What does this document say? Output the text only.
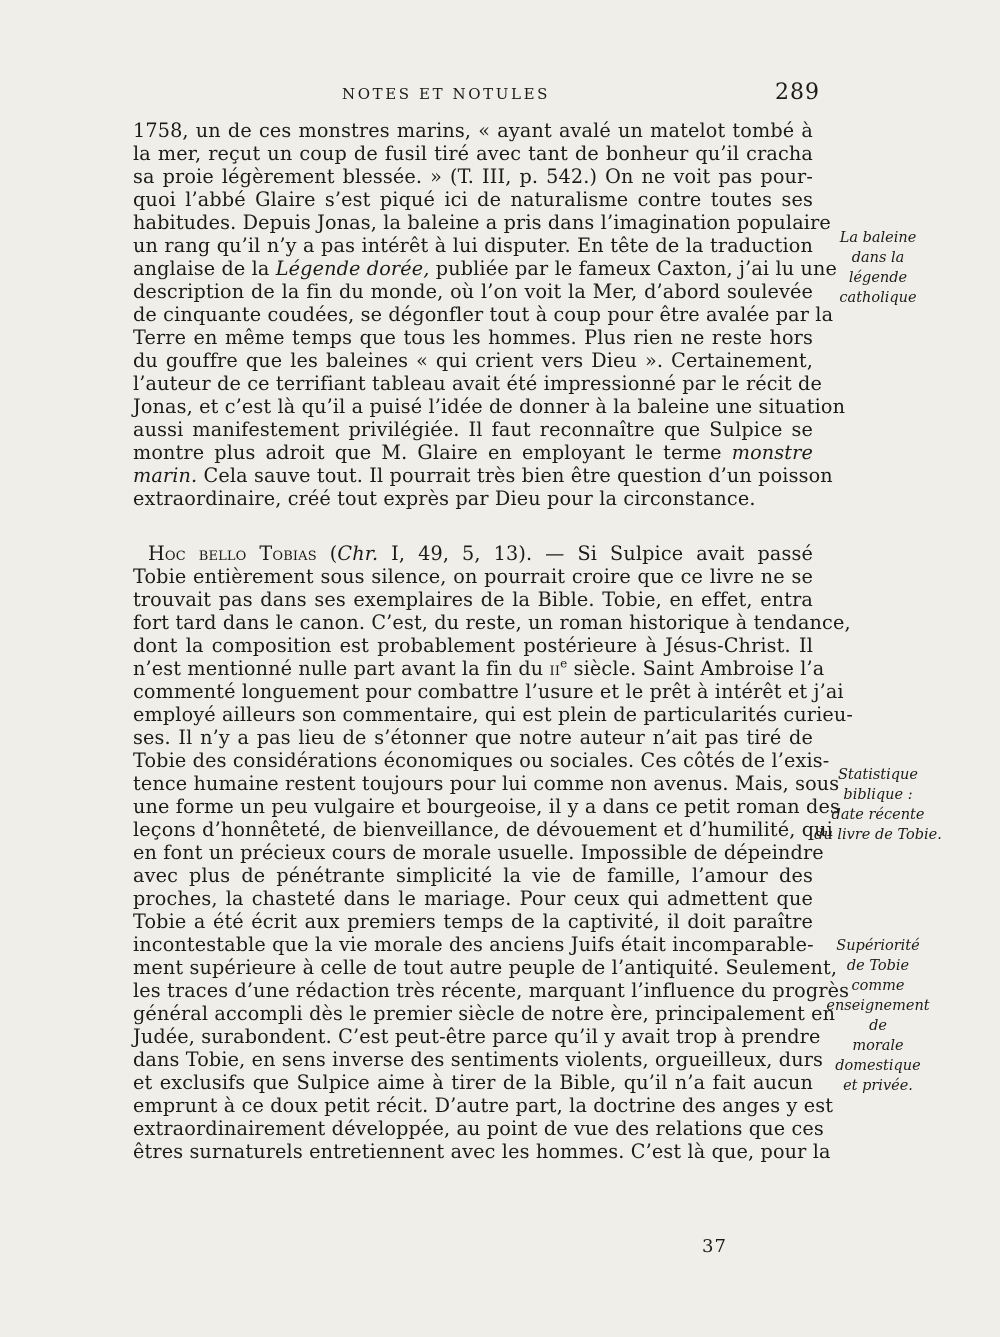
NOTES ET NOTULES	289
1758, un de ces monstres marins, « ayant avalé un matelot tombé à
la mer, reçut un coup de fusil tiré avec tant de bonheur qu’il cracha
sa proie légèrement blessée. » (T. III, p. 542.) On ne voit pas pour-
quoi l’abbé Glaire s’est piqué ici de naturalisme contre toutes ses
habitudes. Depuis Jonas, la baleine a pris dans l’imagination populaire
un rang qu’il n’y a pas intérêt à lui disputer. En tête de la traduction
anglaise de la Légende dorée, publiée par le fameux Caxton, j’ai lu une
description de la fin du monde, où l’on voit la Mer, d’abord soulevée
de cinquante coudées, se dégonfler tout à coup pour être avalée par la
Terre en même temps que tous les hommes. Plus rien ne reste hors
du gouffre que les baleines « qui crient vers Dieu ». Certainement,
l’auteur de ce terrifiant tableau avait été impressionné par le récit de
Jonas, et c’est là qu’il a puisé l’idée de donner à la baleine une situation
aussi manifestement privilégiée. Il faut reconnaître que Sulpice se
montre plus adroit que M. Glaire en employant le terme monstre
marin. Cela sauve tout. Il pourrait très bien être question d’un poisson
extraordinaire, créé tout exprès par Dieu pour la circonstance.
Hoc bello Tobias (Chr. I, 49, 5, 13). — Si Sulpice avait passé
Tobie entièrement sous silence, on pourrait croire que ce livre ne se
trouvait pas dans ses exemplaires de la Bible. Tobie, en effet, entra
fort tard dans le canon. C’est, du reste, un roman historique à tendance,
dont la composition est probablement postérieure à Jésus-Christ. Il
n’est mentionné nulle part avant la fin du $ii^e$ siècle. Saint Ambroise l’a
commenté longuement pour combattre l’usure et le prêt à intérêt et j’ai
employé ailleurs son commentaire, qui est plein de particularités curieu-
ses. Il n’y a pas lieu de s’étonner que notre auteur n’ait pas tiré de
Tobie des considérations économiques ou sociales. Ces côtés de l’exis-
tence humaine restent toujours pour lui comme non avenus. Mais, sous
une forme un peu vulgaire et bourgeoise, il y a dans ce petit roman des
leçons d’honnêteté, de bienveillance, de dévouement et d’humilité, qui
en font un précieux cours de morale usuelle. Impossible de dépeindre
avec plus de pénétrante simplicité la vie de famille, l’amour des
proches, la chasteté dans le mariage. Pour ceux qui admettent que
Tobie a été écrit aux premiers temps de la captivité, il doit paraître
incontestable que la vie morale des anciens Juifs était incomparable-
ment supérieure à celle de tout autre peuple de l’antiquité. Seulement,
les traces d’une rédaction très récente, marquant l’influence du progrès
général accompli dès le premier siècle de notre ère, principalement en
Judée, surabondent. C’est peut-être parce qu’il y avait trop à prendre
dans Tobie, en sens inverse des sentiments violents, orgueilleux, durs
et exclusifs que Sulpice aime à tirer de la Bible, qu’il n’a fait aucun
emprunt à ce doux petit récit. D’autre part, la doctrine des anges y est
extraordinairement développée, au point de vue des relations que ces
êtres surnaturels entretiennent avec les hommes. C’est là que, pour la
La baleine
dans la
légende catholique
Statistique
biblique :
date récente
du livre de Tobie.
Supériorité
de Tobie
comme
enseignement
de
morale domestique
et privée.
37
